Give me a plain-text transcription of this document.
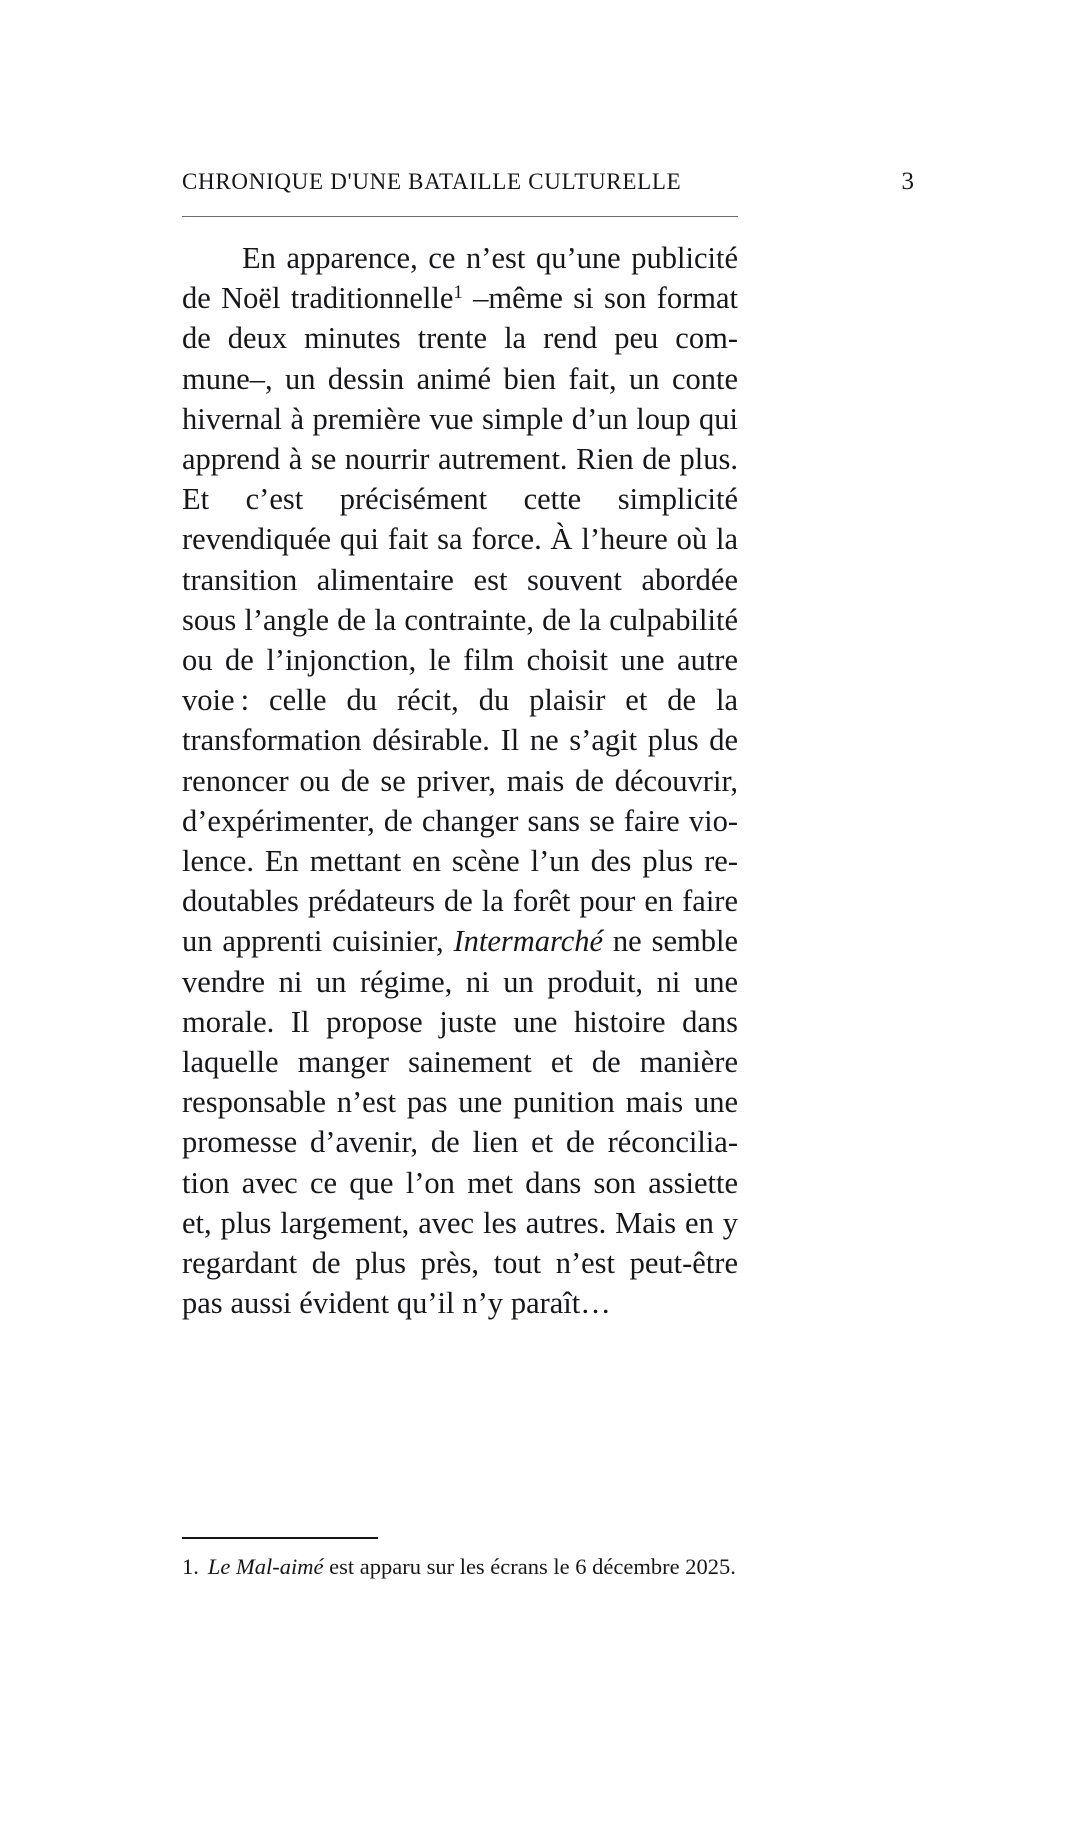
CHRONIQUE D'UNE BATAILLE CULTURELLE	3

En apparence, ce n’est qu’une publicité de Noël traditionnelle$^1$ –même si son format de deux minutes trente la rend peu commune–, un dessin animé bien fait, un conte hivernal à première vue simple d’un loup qui apprend à se nourrir autrement. Rien de plus. Et c’est précisément cette simplicité revendiquée qui fait sa force. À l’heure où la transition alimentaire est souvent abordée sous l’angle de la contrainte, de la culpabilité ou de l’injonction, le film choisit une autre voie : celle du récit, du plaisir et de la transformation désirable. Il ne s’agit plus de renoncer ou de se priver, mais de découvrir, d’expérimenter, de changer sans se faire violence. En mettant en scène l’un des plus redoutables prédateurs de la forêt pour en faire un apprenti cuisinier, Intermarché ne semble vendre ni un régime, ni un produit, ni une morale. Il propose juste une histoire dans laquelle manger sainement et de manière responsable n’est pas une punition mais une promesse d’avenir, de lien et de réconciliation avec ce que l’on met dans son assiette et, plus largement, avec les autres. Mais en y regardant de plus près, tout n’est peut-être pas aussi évident qu’il n’y paraît…

1. Le Mal-aimé est apparu sur les écrans le 6 décembre 2025.
